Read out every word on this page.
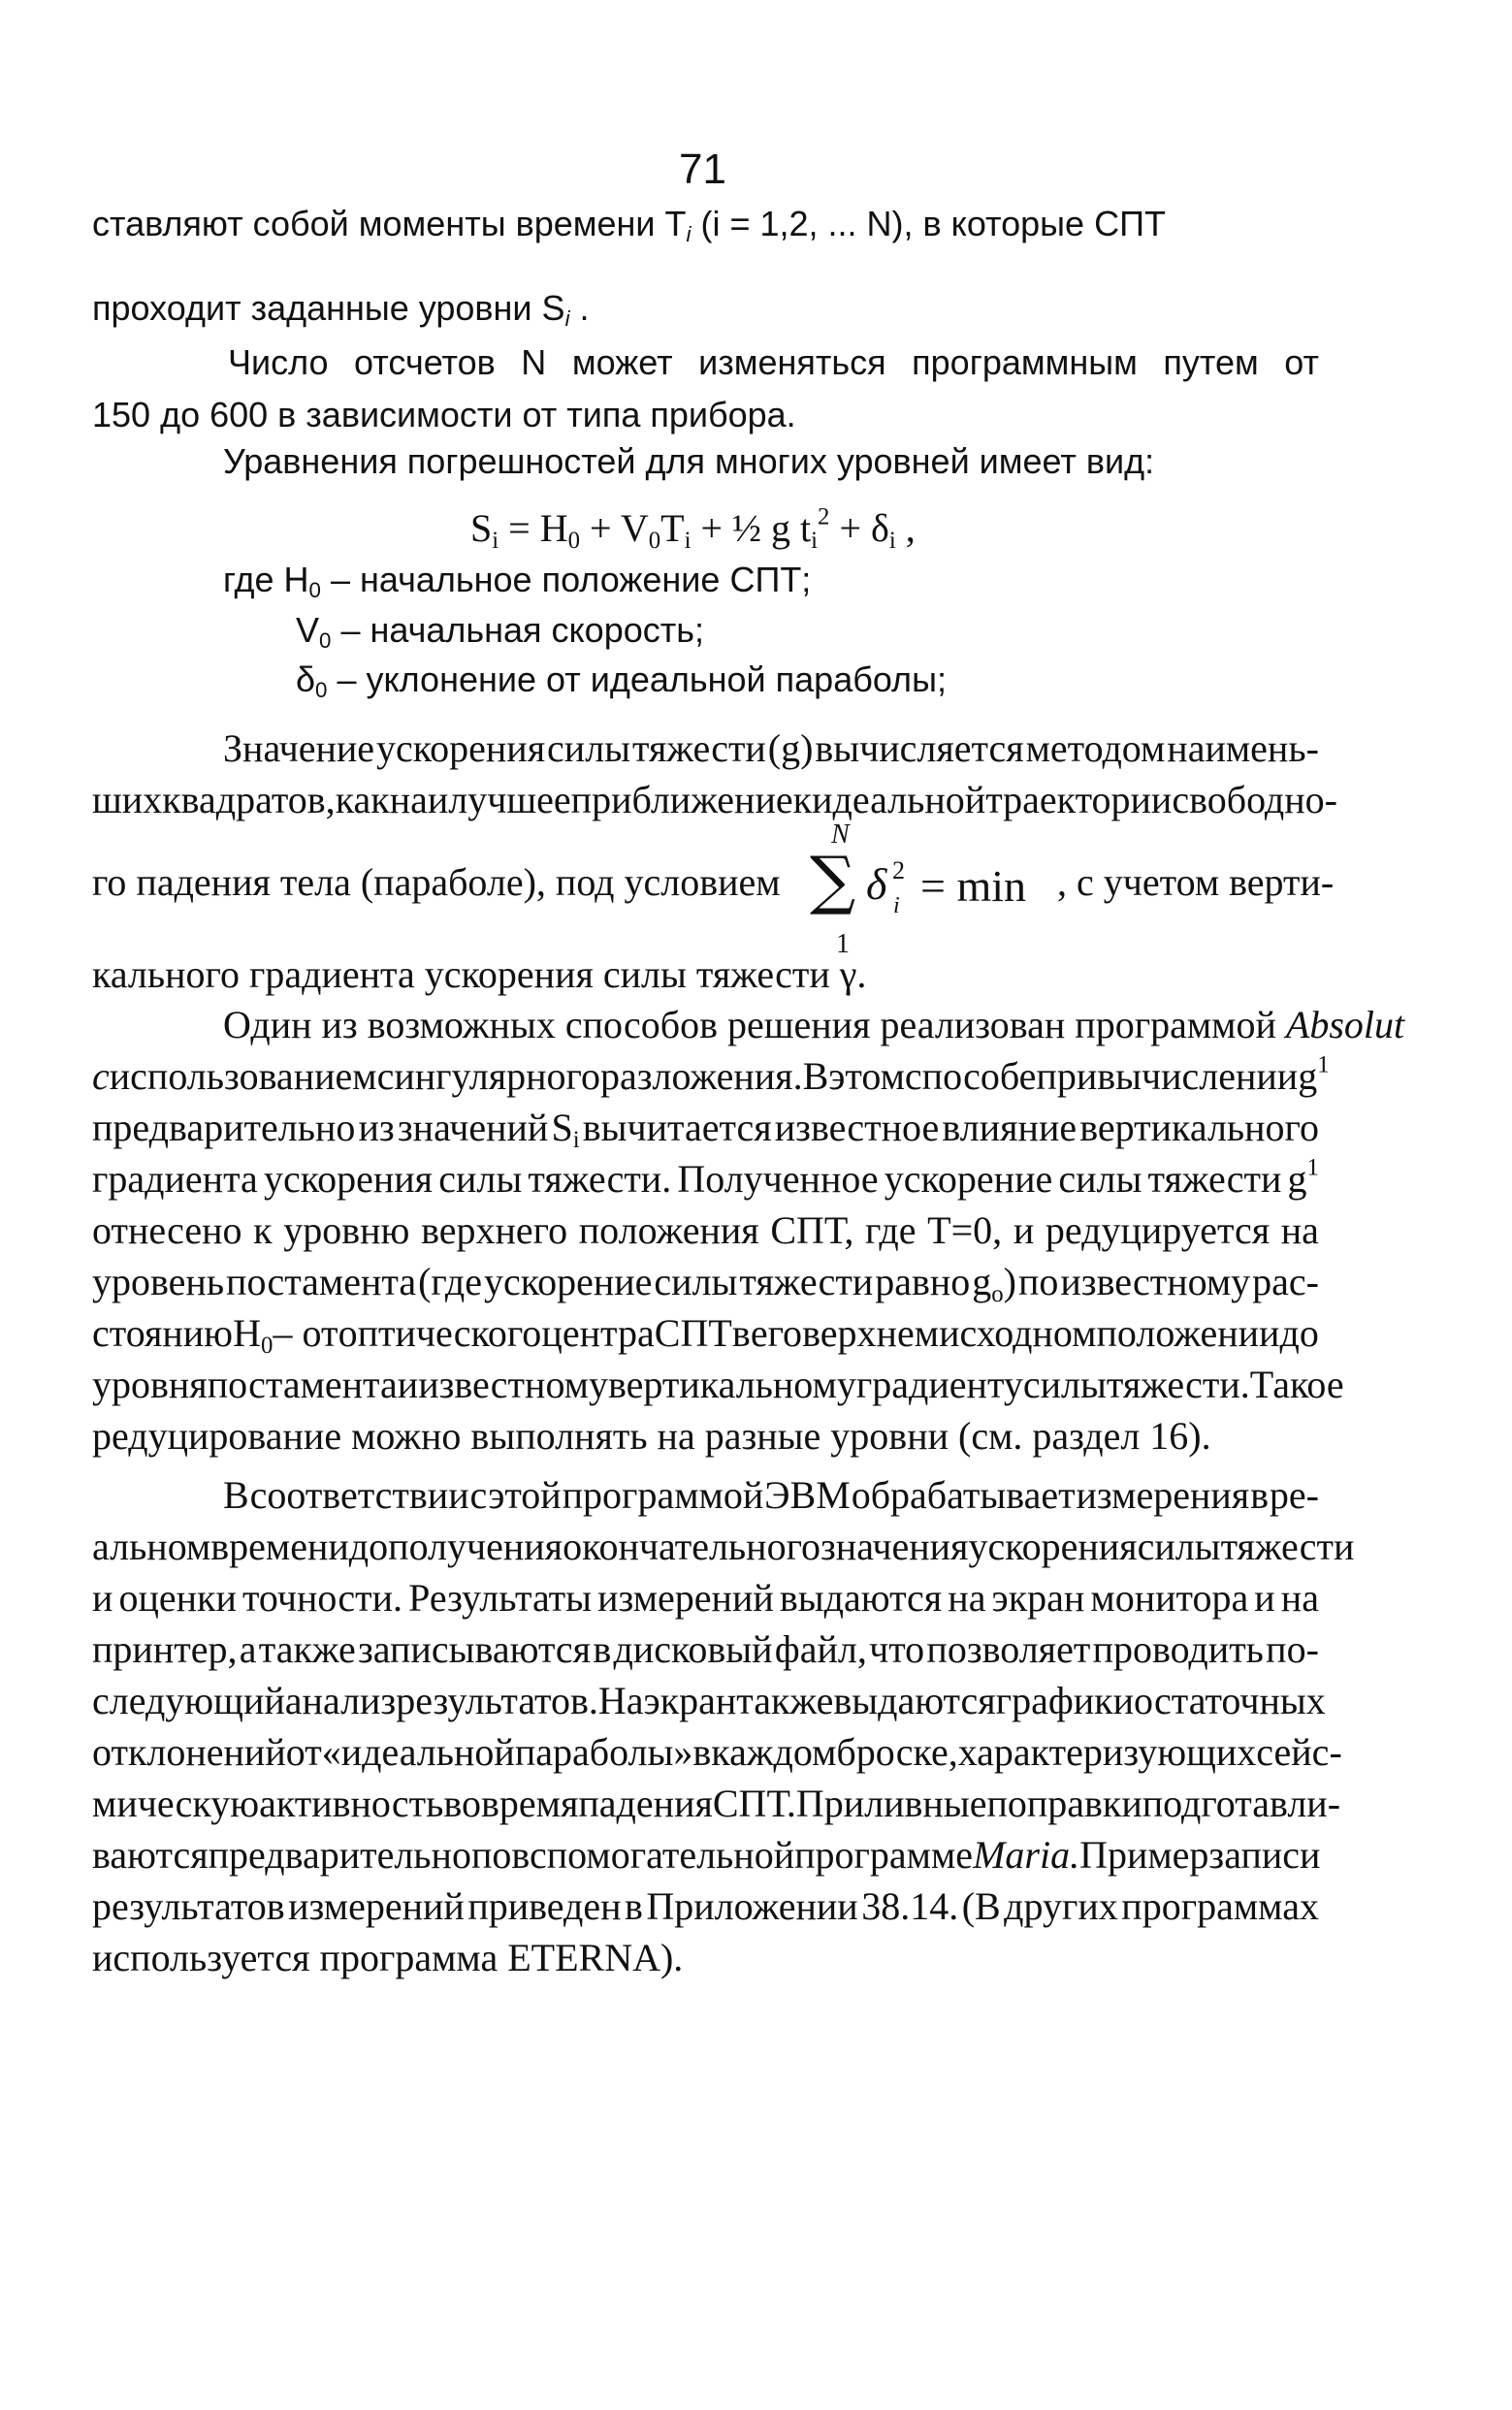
71
ставляют собой моменты времени $T_i$ (i = 1,2, ... N), в которые СПТ
проходит заданные уровни $S_i$ .
Число отсчетов N может изменяться программным путем от
150 до 600 в зависимости от типа прибора.
Уравнения погрешностей для многих уровней имеет вид:
$S_i = H_0 + V_0T_i$ + ½ g $t_i^2 + \delta_i$ ,
где $H_0$ – начальное положение СПТ;
$V_0$ – начальная скорость;
$\delta_0$ – уклонение от идеальной параболы;
Значение ускорения силы тяжести (g) вычисляется методом наимень-
ших квадратов, как наилучшее приближение к идеальной траектории свободно-
го падения тела (параболе), под условием
N
∑ δ 2
i = min
1
, с учетом верти-
кального градиента ускорения силы тяжести γ.
Один из возможных способов решения реализован программой Absolut
с использованием сингулярного разложения. В этом способе при вычислении $g^1$
предварительно из значений $S_i$ вычитается известное влияние вертикального
градиента ускорения силы тяжести. Полученное ускорение силы тяжести $g^1$
отнесено к уровню верхнего положения СПТ, где T=0, и редуцируется на
уровень постамента (где ускорение силы тяжести равно $g_o$) по известному рас-
стоянию $H_0$ – от оптического центра СПТ в его верхнем исходном положении до
уровня постамента и известному вертикальному градиенту силы тяжести. Такое
редуцирование можно выполнять на разные уровни (см. раздел 16).
В соответствии с этой программой ЭВМ обрабатывает измерения в ре-
альном времени до получения окончательного значения ускорения силы тяжести
и оценки точности. Результаты измерений выдаются на экран монитора и на
принтер, а также записываются в дисковый файл, что позволяет проводить по-
следующий анализ результатов. На экран также выдаются графики остаточных
отклонений от «идеальной параболы» в каждом броске, характеризующих сейс-
мическую активность во время падения СПТ. Приливные поправки подготавли-
ваются предварительно по вспомогательной программе Maria. Пример записи
результатов измерений приведен в Приложении 38.14. (В других программах
используется программа ETERNA).
